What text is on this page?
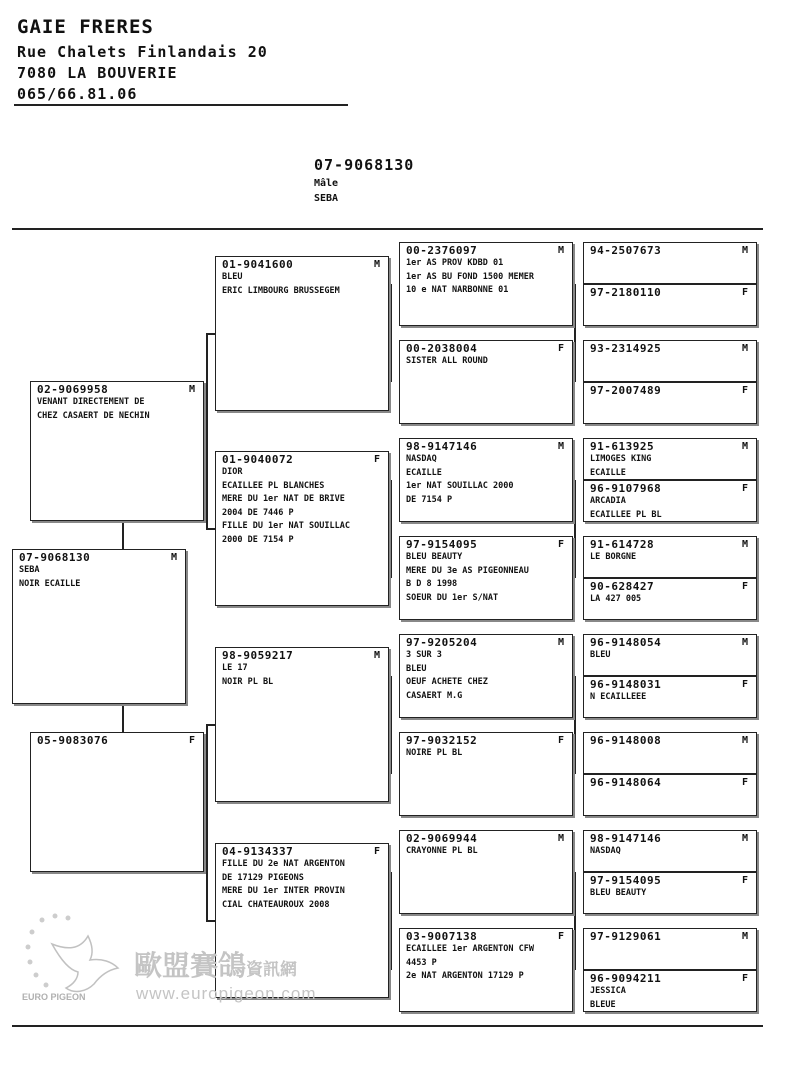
GAIE FRERES
Rue Chalets Finlandais 20
7080 LA BOUVERIE
065/66.81.06
07-9068130
Mâle
SEBA
07-9068130	M
SEBA
NOIR ECAILLE
02-9069958	M
VENANT DIRECTEMENT DE
CHEZ CASAERT DE NECHIN
05-9083076	F
01-9041600	M
BLEU
ERIC LIMBOURG BRUSSEGEM
01-9040072	F
DIOR
ECAILLEE PL BLANCHES
MERE DU 1er NAT DE BRIVE
2004 DE 7446 P
FILLE DU 1er NAT SOUILLAC
2000 DE 7154 P
98-9059217	M
LE 17
NOIR PL BL
04-9134337	F
FILLE DU 2e NAT ARGENTON
DE 17129 PIGEONS
MERE DU 1er INTER PROVIN
CIAL CHATEAUROUX 2008
00-2376097	M
1er AS PROV KDBD 01
1er AS BU FOND 1500 MEMER
10 e NAT NARBONNE 01
00-2038004	F
SISTER ALL ROUND
98-9147146	M
NASDAQ
ECAILLE
1er NAT SOUILLAC 2000
DE 7154 P
97-9154095	F
BLEU BEAUTY
MERE DU 3e AS PIGEONNEAU
B D 8 1998
SOEUR DU 1er S/NAT
97-9205204	M
3 SUR 3
BLEU
OEUF ACHETE CHEZ
CASAERT M.G
97-9032152	F
NOIRE PL BL
02-9069944	M
CRAYONNE PL BL
03-9007138	F
ECAILLEE 1er ARGENTON CFW
4453 P
2e NAT ARGENTON 17129 P
94-2507673	M
97-2180110	F
93-2314925	M
97-2007489	F
91-613925	M
LIMOGES KING
ECAILLE
96-9107968	F
ARCADIA
ECAILLEE PL BL
91-614728	M
LE BORGNE
90-628427	F
LA 427 005
96-9148054	M
BLEU
96-9148031	F
N ECAILLEEE
96-9148008	M
96-9148064	F
98-9147146	M
NASDAQ
97-9154095	F
BLEU BEAUTY
97-9129061	M
96-9094211	F
JESSICA
BLEUE
EURO PIGEON
歐盟賽鴿資訊網
www.europigeon.com
